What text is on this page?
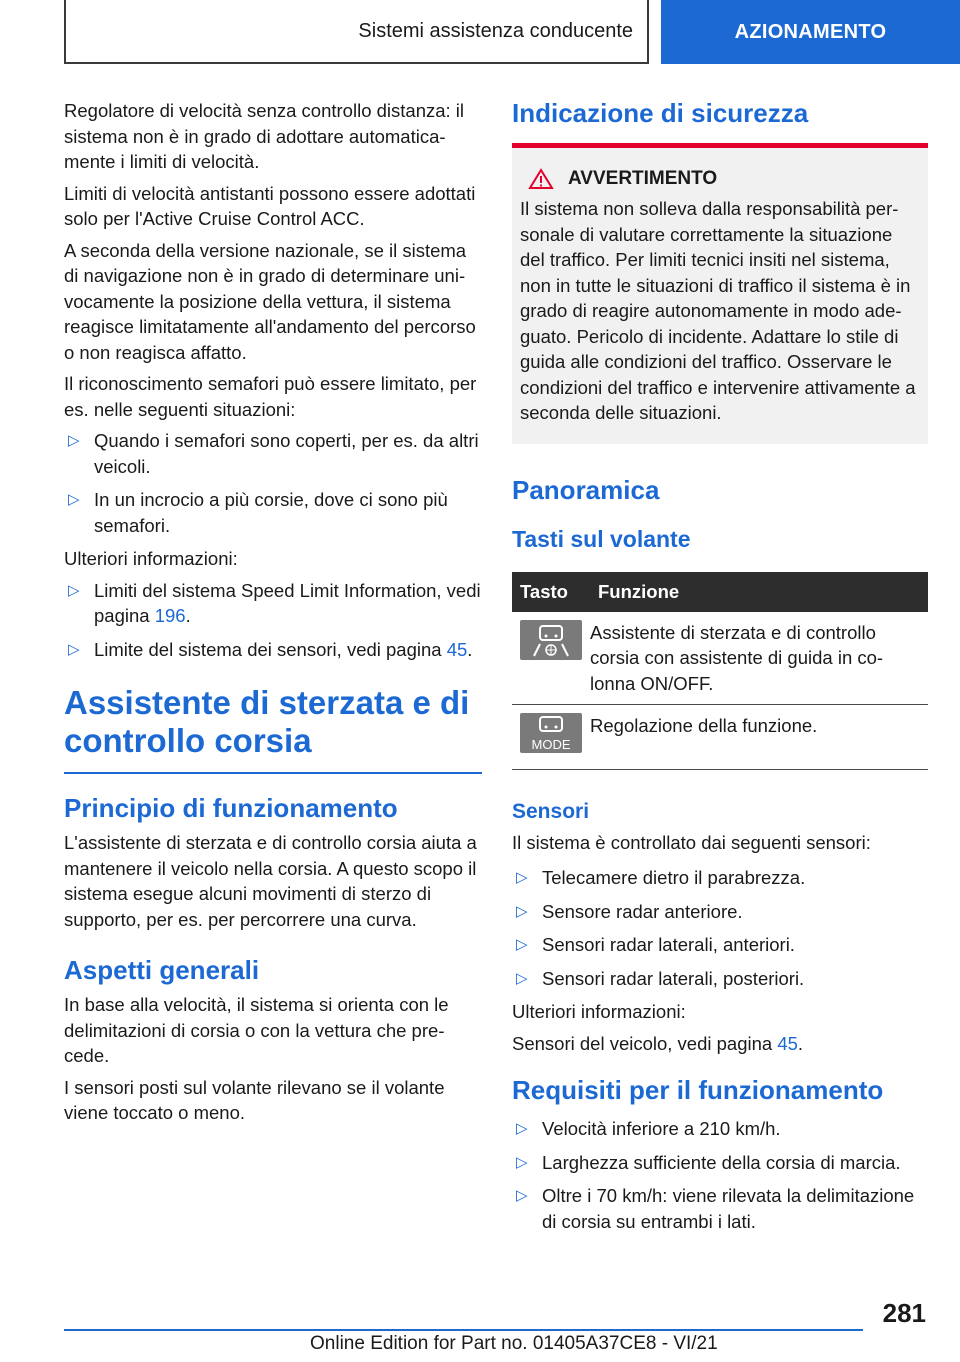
Sistemi assistenza conducente	AZIONAMENTO

Regolatore di velocità senza controllo distanza: il sistema non è in grado di adottare automaticamente i limiti di velocità.

Limiti di velocità antistanti possono essere adottati solo per l'Active Cruise Control ACC.

A seconda della versione nazionale, se il sistema di navigazione non è in grado di determinare univocamente la posizione della vettura, il sistema reagisce limitatamente all'andamento del percorso o non reagisca affatto.

Il riconoscimento semafori può essere limitato, per es. nelle seguenti situazioni:

▷ Quando i semafori sono coperti, per es. da altri veicoli.
▷ In un incrocio a più corsie, dove ci sono più semafori.

Ulteriori informazioni:

▷ Limiti del sistema Speed Limit Information, vedi pagina 196.
▷ Limite del sistema dei sensori, vedi pagina 45.
Assistente di sterzata e di controllo corsia
Principio di funzionamento

L'assistente di sterzata e di controllo corsia aiuta a mantenere il veicolo nella corsia. A questo scopo il sistema esegue alcuni movimenti di sterzo di supporto, per es. per percorrere una curva.

Aspetti generali

In base alla velocità, il sistema si orienta con le delimitazioni di corsia o con la vettura che precede.

I sensori posti sul volante rilevano se il volante viene toccato o meno.

Indicazione di sicurezza
AVVERTIMENTO

Il sistema non solleva dalla responsabilità personale di valutare correttamente la situazione del traffico. Per limiti tecnici insiti nel sistema, non in tutte le situazioni di traffico il sistema è in grado di reagire autonomamente in modo adeguato. Pericolo di incidente. Adattare lo stile di guida alle condizioni del traffico. Osservare le condizioni del traffico e intervenire attivamente a seconda delle situazioni.

Panoramica
Tasti sul volante
Tasto	Funzione

	Assistente di sterzata e di controllo corsia con assistente di guida in colonna ON/OFF.

MODE	Regolazione della funzione.
Sensori

Il sistema è controllato dai seguenti sensori:

▷ Telecamere dietro il parabrezza.
▷ Sensore radar anteriore.
▷ Sensori radar laterali, anteriori.
▷ Sensori radar laterali, posteriori.

Ulteriori informazioni:

Sensori del veicolo, vedi pagina 45.

Requisiti per il funzionamento
▷ Velocità inferiore a 210 km/h.
▷ Larghezza sufficiente della corsia di marcia.
▷ Oltre i 70 km/h: viene rilevata la delimitazione di corsia su entrambi i lati.
281
Online Edition for Part no. 01405A37CE8 - VI/21
